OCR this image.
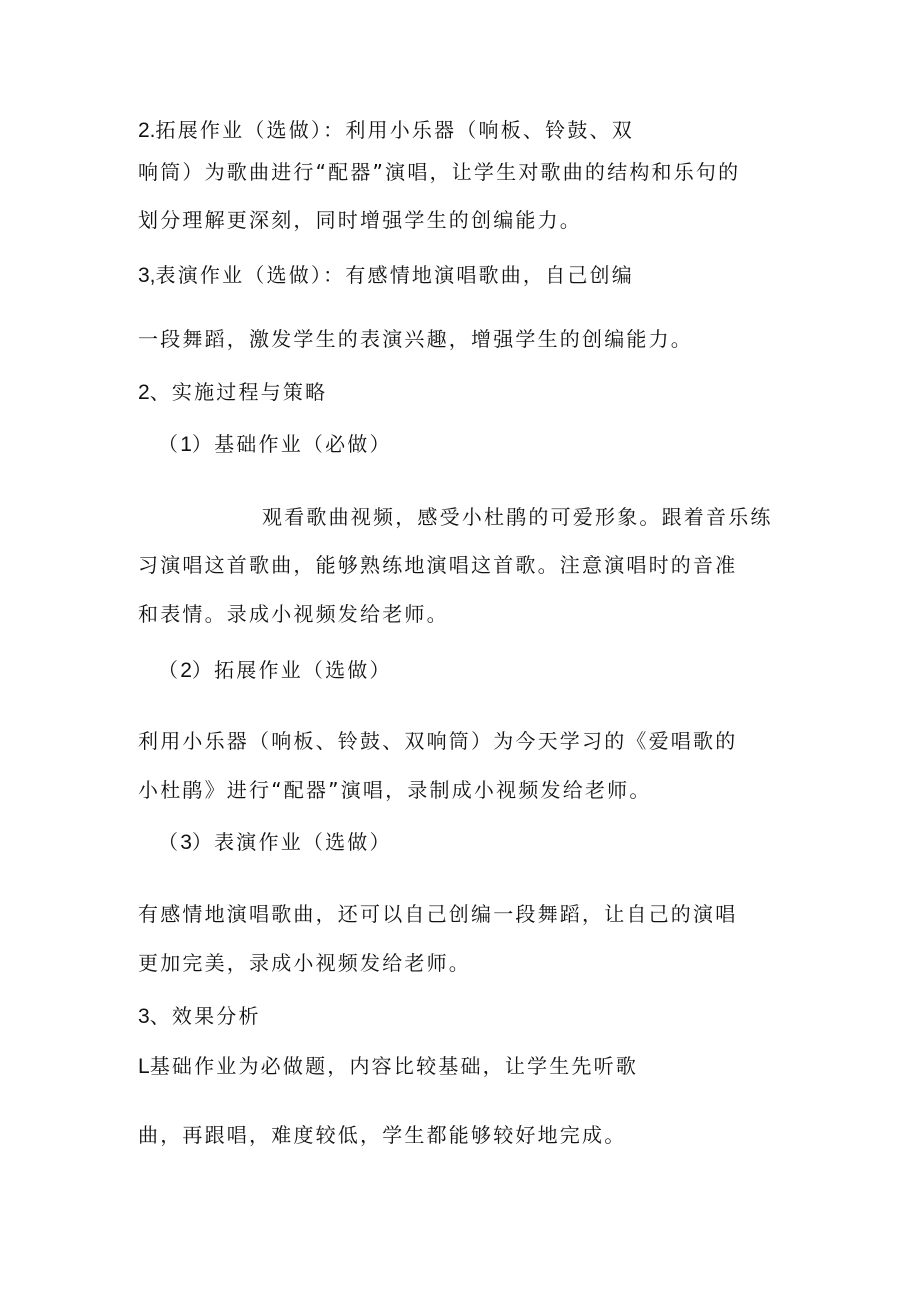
2.拓展作业（选做）：利用小乐器（响板、铃鼓、双
响筒）为歌曲进行“配器”演唱，让学生对歌曲的结构和乐句的
划分理解更深刻，同时增强学生的创编能力。
3,表演作业（选做）：有感情地演唱歌曲，自己创编
一段舞蹈，激发学生的表演兴趣，增强学生的创编能力。
2、实施过程与策略
（1）基础作业（必做）
观看歌曲视频，感受小杜鹃的可爱形象。跟着音乐练
习演唱这首歌曲，能够熟练地演唱这首歌。注意演唱时的音准
和表情。录成小视频发给老师。
（2）拓展作业（选做）
利用小乐器（响板、铃鼓、双响筒）为今天学习的《爱唱歌的
小杜鹃》进行“配器”演唱，录制成小视频发给老师。
（3）表演作业（选做）
有感情地演唱歌曲，还可以自己创编一段舞蹈，让自己的演唱
更加完美，录成小视频发给老师。
3、效果分析
L基础作业为必做题，内容比较基础，让学生先听歌
曲，再跟唱，难度较低，学生都能够较好地完成。
